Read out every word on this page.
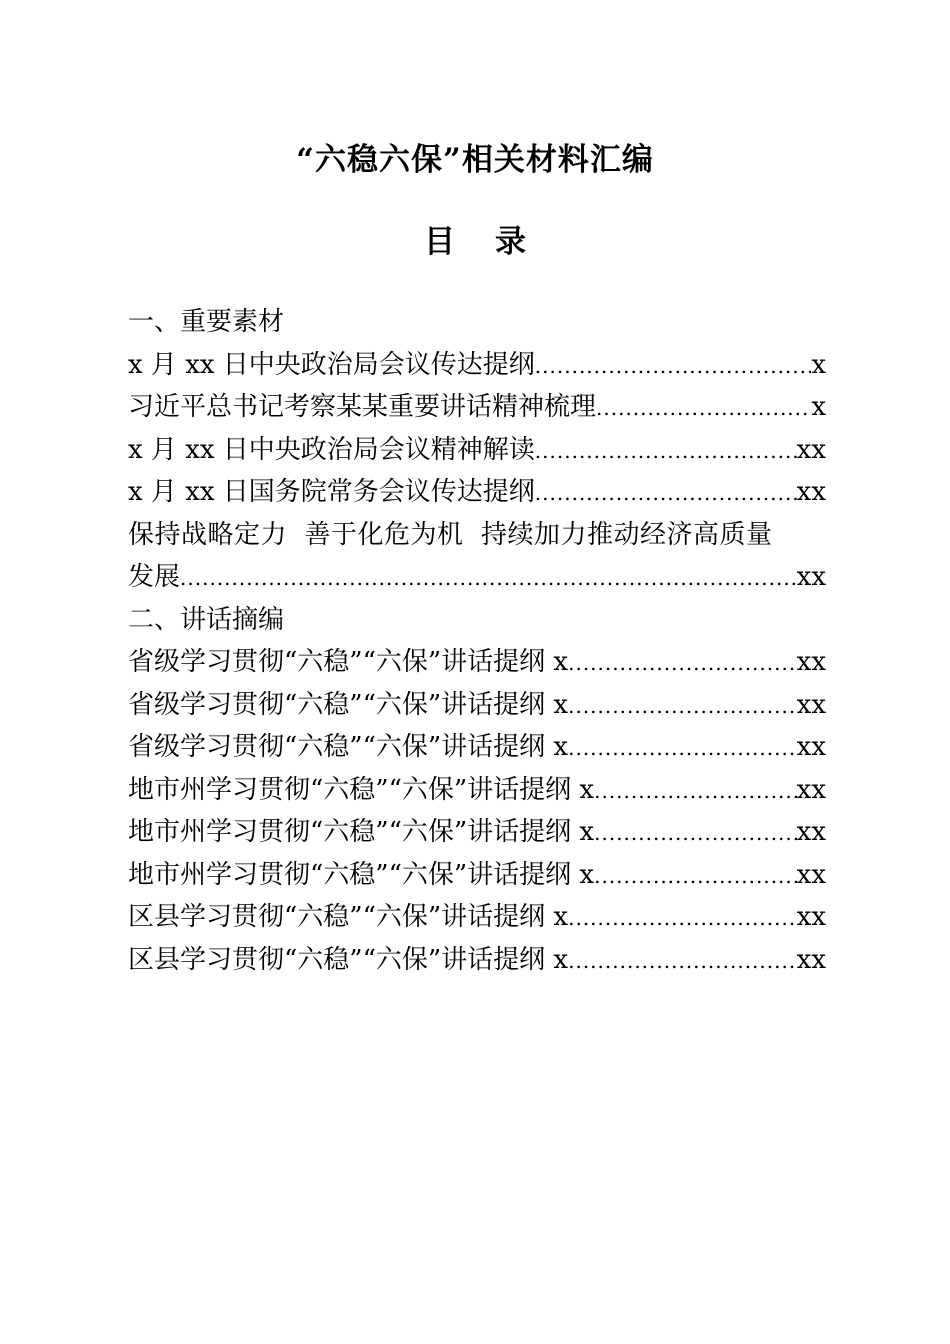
“六稳六保”相关材料汇编
目 录
一、重要素材
x 月 xx 日中央政治局会议传达提纲 .....	x
习近平总书记考察某某重要讲话精神梳理 .....	x
x 月 xx 日中央政治局会议精神解读 .....	xx
x 月 xx 日国务院常务会议传达提纲 .....	xx
保持战略定力  善于化危为机  持续加力推动经济高质量
发展 .....	xx
二、讲话摘编
省级学习贯彻“六稳”“六保”讲话提纲 x .....	xx
省级学习贯彻“六稳”“六保”讲话提纲 x .....	xx
省级学习贯彻“六稳”“六保”讲话提纲 x .....	xx
地市州学习贯彻“六稳”“六保”讲话提纲 x .....	xx
地市州学习贯彻“六稳”“六保”讲话提纲 x .....	xx
地市州学习贯彻“六稳”“六保”讲话提纲 x .....	xx
区县学习贯彻“六稳”“六保”讲话提纲 x .....	xx
区县学习贯彻“六稳”“六保”讲话提纲 x .....	xx
